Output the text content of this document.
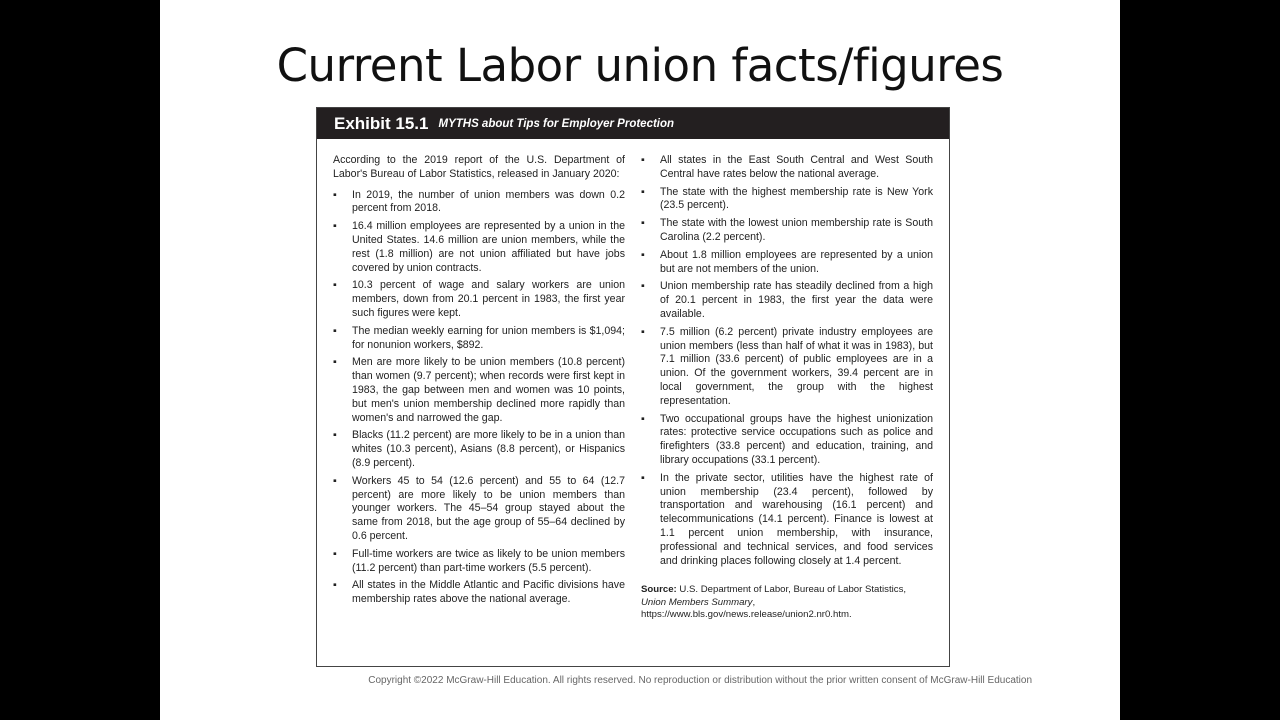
Current Labor union facts/figures
Exhibit 15.1 MYTHS about Tips for Employer Protection

According to the 2019 report of the U.S. Department of Labor's Bureau of Labor Statistics, released in January 2020:

▪ In 2019, the number of union members was down 0.2 percent from 2018.
▪ 16.4 million employees are represented by a union in the United States. 14.6 million are union members, while the rest (1.8 million) are not union affiliated but have jobs covered by union contracts.
▪ 10.3 percent of wage and salary workers are union members, down from 20.1 percent in 1983, the first year such figures were kept.
▪ The median weekly earning for union members is $1,094; for nonunion workers, $892.
▪ Men are more likely to be union members (10.8 percent) than women (9.7 percent); when records were first kept in 1983, the gap between men and women was 10 points, but men's union membership declined more rapidly than women's and narrowed the gap.
▪ Blacks (11.2 percent) are more likely to be in a union than whites (10.3 percent), Asians (8.8 percent), or Hispanics (8.9 percent).
▪ Workers 45 to 54 (12.6 percent) and 55 to 64 (12.7 percent) are more likely to be union members than younger workers. The 45–54 group stayed about the same from 2018, but the age group of 55–64 declined by 0.6 percent.
▪ Full-time workers are twice as likely to be union members (11.2 percent) than part-time workers (5.5 percent).
▪ All states in the Middle Atlantic and Pacific divisions have membership rates above the national average.
▪ All states in the East South Central and West South Central have rates below the national average.
▪ The state with the highest membership rate is New York (23.5 percent).
▪ The state with the lowest union membership rate is South Carolina (2.2 percent).
▪ About 1.8 million employees are represented by a union but are not members of the union.
▪ Union membership rate has steadily declined from a high of 20.1 percent in 1983, the first year the data were available.
▪ 7.5 million (6.2 percent) private industry employees are union members (less than half of what it was in 1983), but 7.1 million (33.6 percent) of public employees are in a union. Of the government workers, 39.4 percent are in local government, the group with the highest representation.
▪ Two occupational groups have the highest unionization rates: protective service occupations such as police and firefighters (33.8 percent) and education, training, and library occupations (33.1 percent).
▪ In the private sector, utilities have the highest rate of union membership (23.4 percent), followed by transportation and warehousing (16.1 percent) and telecommunications (14.1 percent). Finance is lowest at 1.1 percent union membership, with insurance, professional and technical services, and food services and drinking places following closely at 1.4 percent.
Source: U.S. Department of Labor, Bureau of Labor Statistics, Union Members Summary, https://www.bls.gov/news.release/union2.nr0.htm.
Copyright ©2022 McGraw-Hill Education. All rights reserved. No reproduction or distribution without the prior written consent of McGraw-Hill Education
